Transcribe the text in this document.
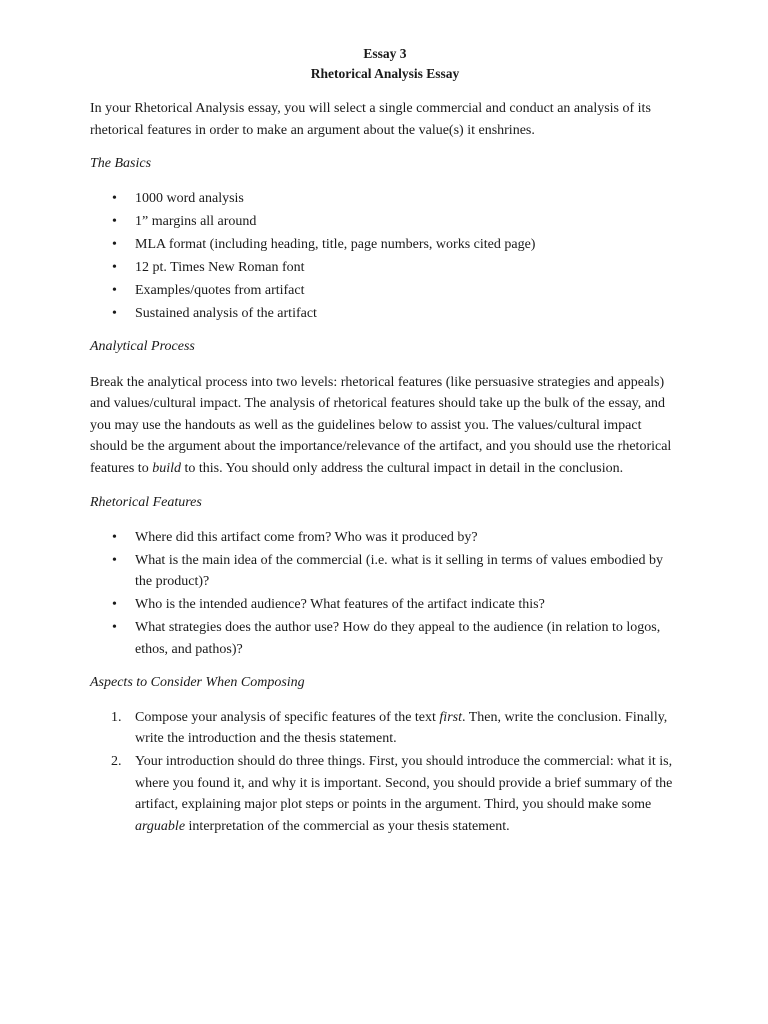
Essay 3

Rhetorical Analysis Essay

In your Rhetorical Analysis essay, you will select a single commercial and conduct an analysis of its rhetorical features in order to make an argument about the value(s) it enshrines.

The Basics

• 1000 word analysis
• 1” margins all around
• MLA format (including heading, title, page numbers, works cited page)
• 12 pt. Times New Roman font
• Examples/quotes from artifact
• Sustained analysis of the artifact

Analytical Process

Break the analytical process into two levels: rhetorical features (like persuasive strategies and appeals) and values/cultural impact. The analysis of rhetorical features should take up the bulk of the essay, and you may use the handouts as well as the guidelines below to assist you. The values/cultural impact should be the argument about the importance/relevance of the artifact, and you should use the rhetorical features to build to this. You should only address the cultural impact in detail in the conclusion.

Rhetorical Features

• Where did this artifact come from? Who was it produced by?
• What is the main idea of the commercial (i.e. what is it selling in terms of values embodied by the product)?
• Who is the intended audience? What features of the artifact indicate this?
• What strategies does the author use? How do they appeal to the audience (in relation to logos, ethos, and pathos)?

Aspects to Consider When Composing

1. Compose your analysis of specific features of the text first. Then, write the conclusion. Finally, write the introduction and the thesis statement.
2. Your introduction should do three things. First, you should introduce the commercial: what it is, where you found it, and why it is important. Second, you should provide a brief summary of the artifact, explaining major plot steps or points in the argument. Third, you should make some arguable interpretation of the commercial as your thesis statement.
